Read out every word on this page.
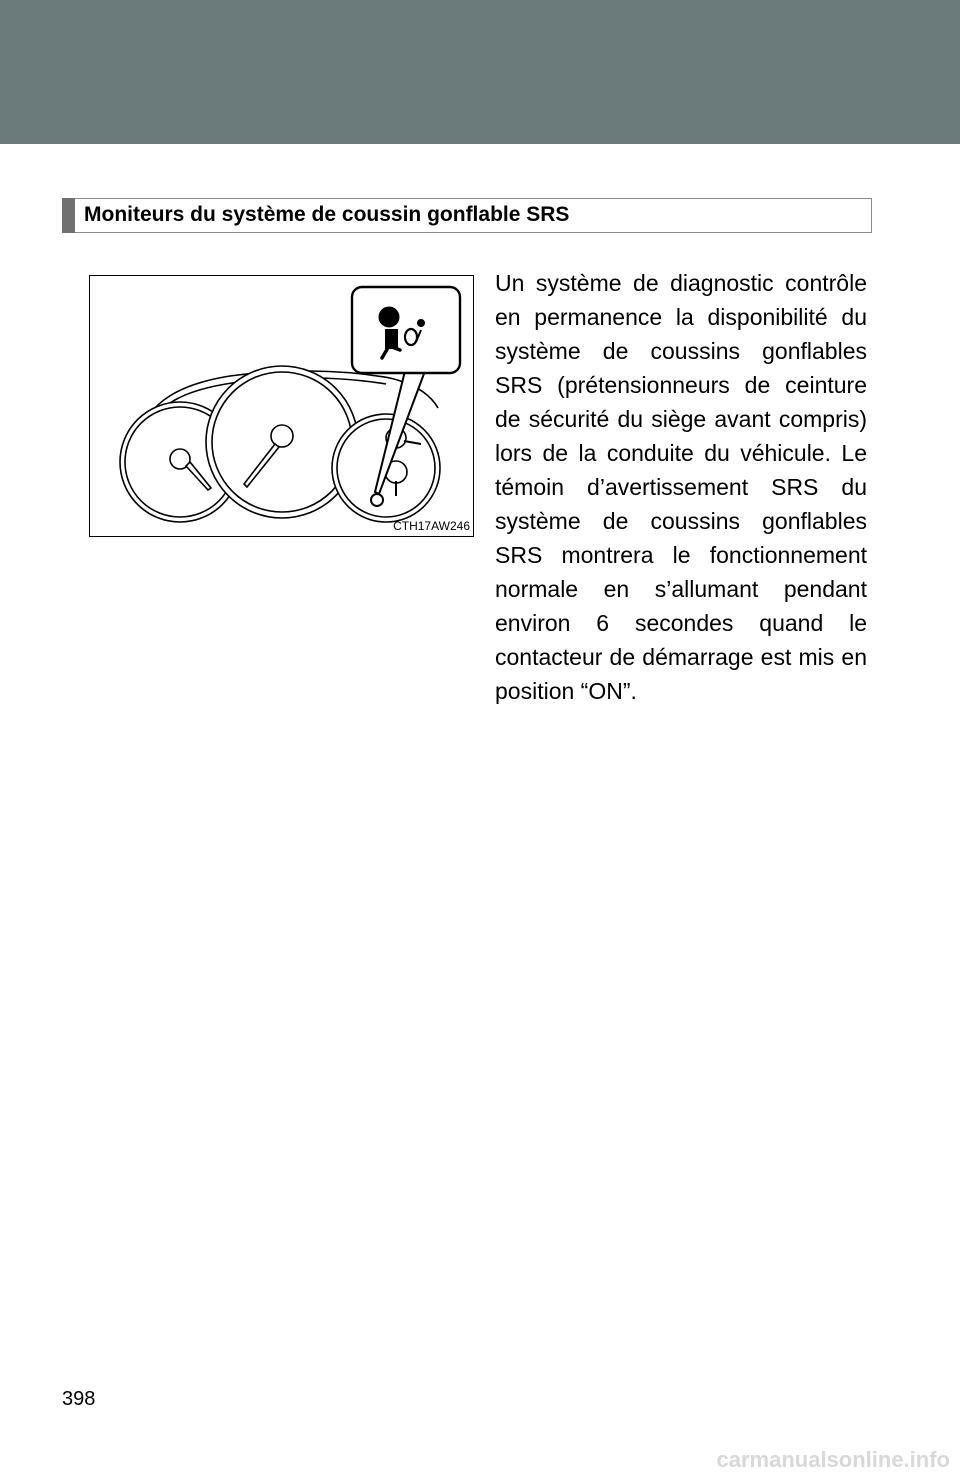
Moniteurs du système de coussin gonflable SRS
CTH17AW246

Un système de diagnostic contrôle en permanence la disponibilité du système de coussins gonflables SRS (prétensionneurs de ceinture de sécurité du siège avant compris) lors de la conduite du véhicule. Le témoin d’avertissement SRS du système de coussins gonflables SRS montrera le fonctionnement normale en s’allumant pendant environ 6 secondes quand le contacteur de démarrage est mis en position “ON”.

398
carmanualsonline.info
